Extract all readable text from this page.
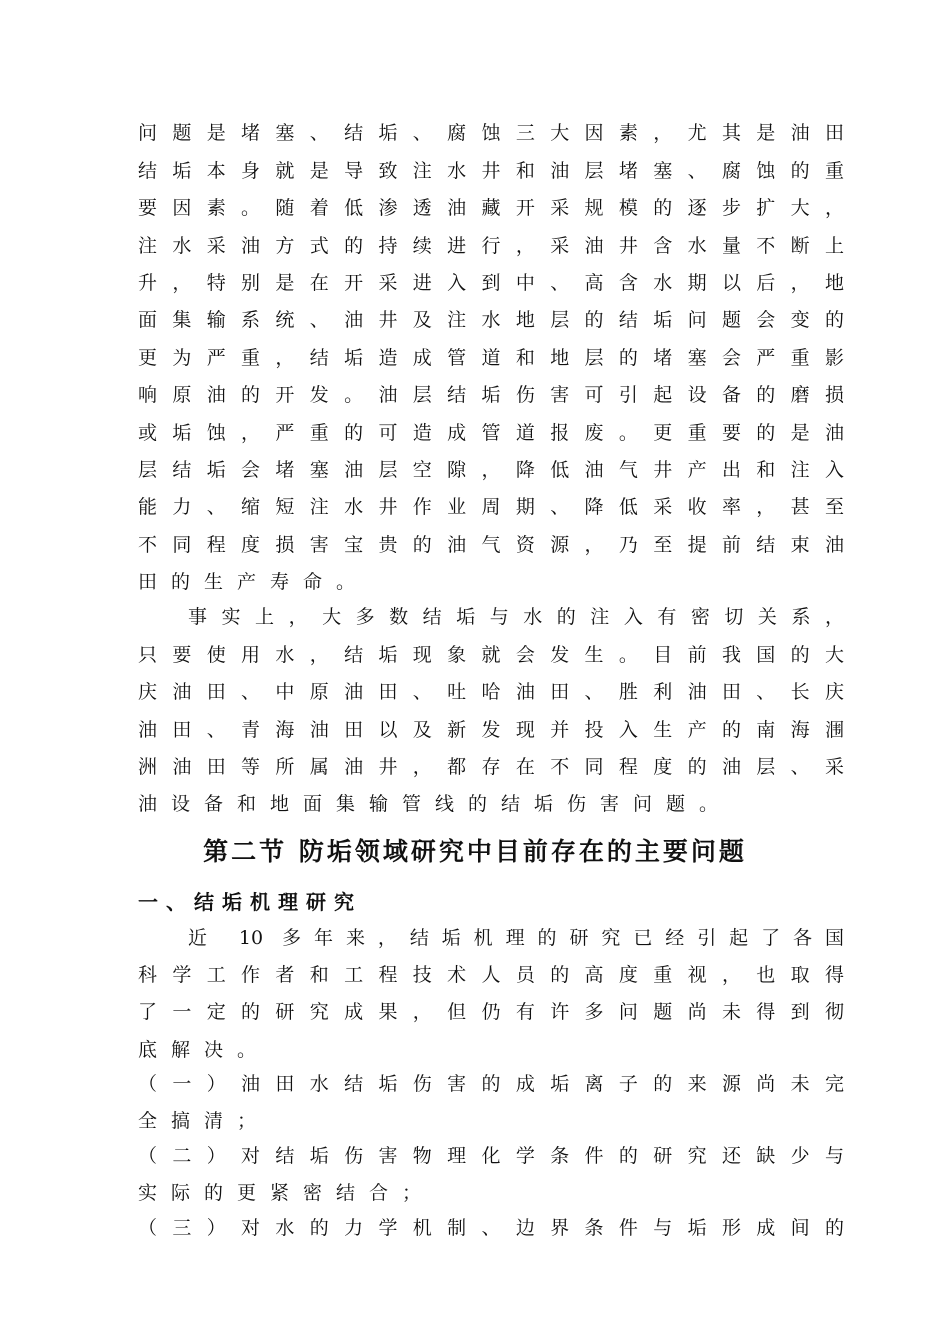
问题是堵塞、结垢、腐蚀三大因素，尤其是油田
结垢本身就是导致注水井和油层堵塞、腐蚀的重
要因素。随着低渗透油藏开采规模的逐步扩大，
注水采油方式的持续进行，采油井含水量不断上
升，特别是在开采进入到中、高含水期以后，地
面集输系统、油井及注水地层的结垢问题会变的
更为严重，结垢造成管道和地层的堵塞会严重影
响原油的开发。油层结垢伤害可引起设备的磨损
或垢蚀，严重的可造成管道报废。更重要的是油
层结垢会堵塞油层空隙，降低油气井产出和注入
能力、缩短注水井作业周期、降低采收率，甚至
不同程度损害宝贵的油气资源，乃至提前结束油
田的生产寿命。
事实上，大多数结垢与水的注入有密切关系，
只要使用水，结垢现象就会发生。目前我国的大
庆油田、中原油田、吐哈油田、胜利油田、长庆
油田、青海油田以及新发现并投入生产的南海涠
洲油田等所属油井，都存在不同程度的油层、采
油设备和地面集输管线的结垢伤害问题。
第二节 防垢领域研究中目前存在的主要问题
一、结垢机理研究
近 10 多年来，结垢机理的研究已经引起了各国
科学工作者和工程技术人员的高度重视，也取得
了一定的研究成果，但仍有许多问题尚未得到彻
底解决。
（一）油田水结垢伤害的成垢离子的来源尚未完
全搞清；
（二）对结垢伤害物理化学条件的研究还缺少与
实际的更紧密结合；
（三）对水的力学机制、边界条件与垢形成间的
